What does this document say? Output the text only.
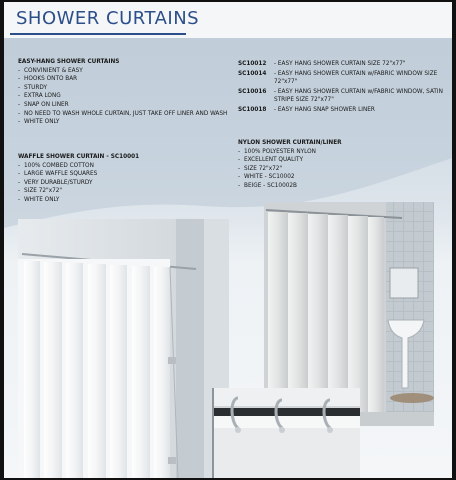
SHOWER CURTAINS
EASY-HANG SHOWER CURTAINS
- CONVINIENT & EASY
- HOOKS ONTO BAR
- STURDY
- EXTRA LONG
- SNAP ON LINER
- NO NEED TO WASH WHOLE CURTAIN, JUST TAKE OFF LINER AND WASH
- WHITE ONLY
SC10012	- EASY HANG SHOWER CURTAIN SIZE 72"x77"
SC10014	- EASY HANG SHOWER CURTAIN w/FABRIC WINDOW SIZE 72"x77"
SC10016	- EASY HANG SHOWER CURTAIN w/FABRIC WINDOW, SATIN STRIPE SIZE 72"x77"
SC10018	- EASY HANG SNAP SHOWER LINER
WAFFLE SHOWER CURTAIN - SC10001
- 100% COMBED COTTON
- LARGE WAFFLE SQUARES
- VERY DURABLE/STURDY
- SIZE 72"x72"
- WHITE ONLY
NYLON SHOWER CURTAIN/LINER
- 100% POLYESTER NYLON
- EXCELLENT QUALITY
- SIZE 72"x72"
- WHITE - SC10002
- BEIGE - SC10002B
